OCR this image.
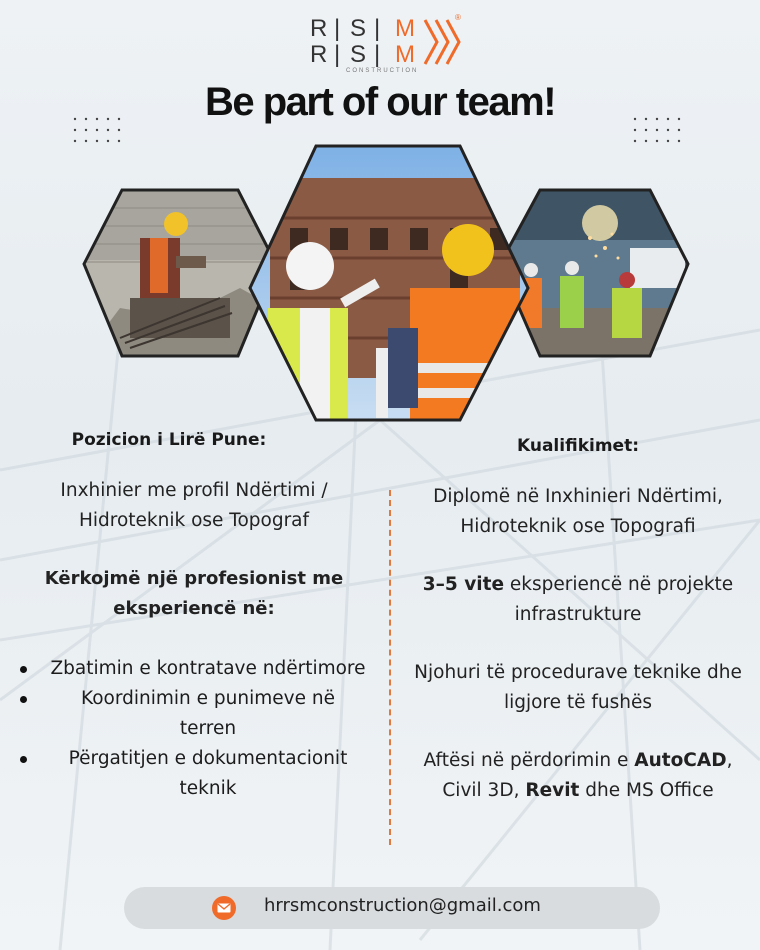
R | S |
R | S |
M
M
®
CONSTRUCTION
Be part of our team!
Pozicion i Lirë Pune:
Inxhinier me profil Ndërtimi /
Hidroteknik ose Topograf
Kërkojmë një profesionist me
eksperiencë në:
Zbatimin e kontratave ndërtimore
Koordinimin e punimeve në
terren
Përgatitjen e dokumentacionit
teknik
Kualifikimet:
Diplomë në Inxhinieri Ndërtimi,
Hidroteknik ose Topografi
3–5 vite eksperiencë në projekte
infrastrukture
Njohuri të procedurave teknike dhe
ligjore të fushës
Aftësi në përdorimin e AutoCAD,
Civil 3D, Revit dhe MS Office
hrrsmconstruction@gmail.com
